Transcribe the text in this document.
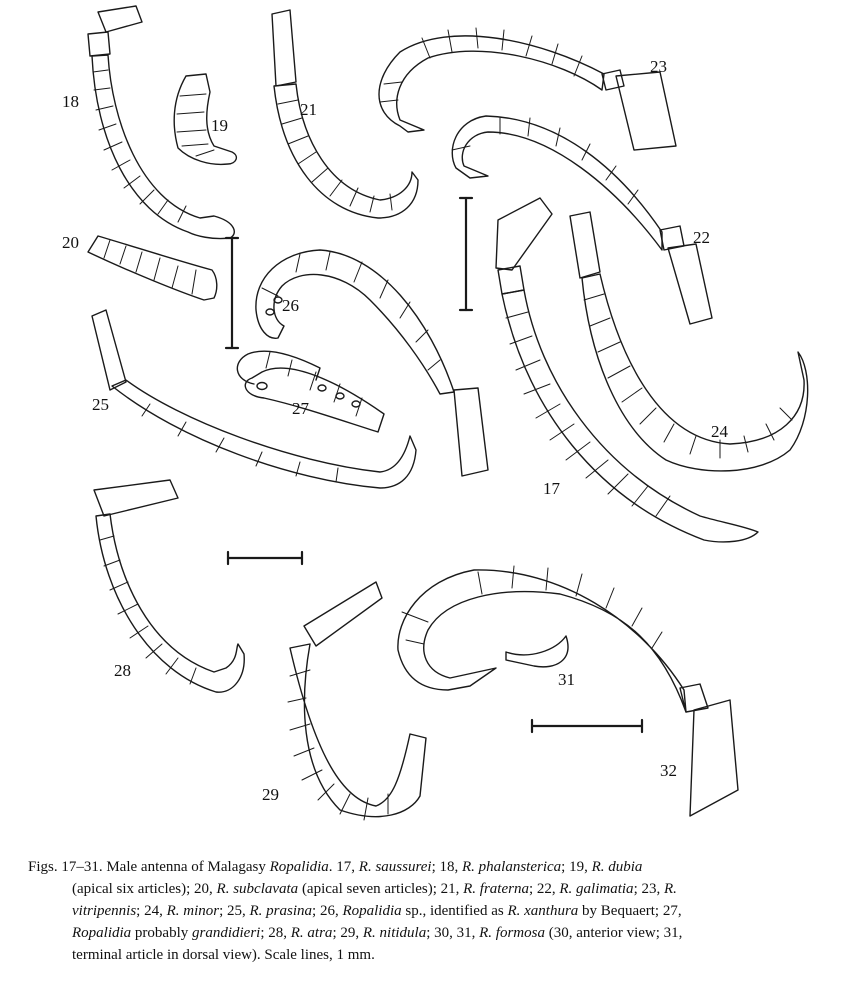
18
19
21
23
22
20
26
27
25
24
17
28	31
32
29
Figs. 17–31. Male antenna of Malagasy Ropalidia. 17, R. saussurei; 18, R. phalansterica; 19, R. dubia
(apical six articles); 20, R. subclavata (apical seven articles); 21, R. fraterna; 22, R. galimatia; 23, R.
vitripennis; 24, R. minor; 25, R. prasina; 26, Ropalidia sp., identified as R. xanthura by Bequaert; 27,
Ropalidia probably grandidieri; 28, R. atra; 29, R. nitidula; 30, 31, R. formosa (30, anterior view; 31,
terminal article in dorsal view). Scale lines, 1 mm.
